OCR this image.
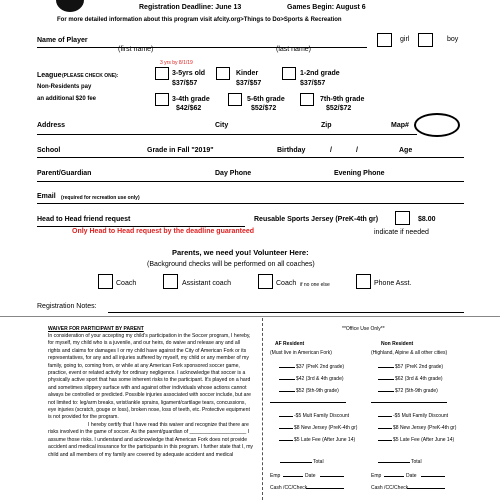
Registration Deadline: June 13	Games Begin: August 6
For more detailed information about this program visit afcity.org>Things to Do>Sports & Recreation
Name of Player
(first name)	(last name)
girl	boy
3 yrs by 8/1/19
League (PLEASE CHECK ONE):
Non-Residents pay
an additional $20 fee
3-5yrs old
$37/$57
Kinder
$37/$57
1-2nd grade
$37/$57
3-4th grade
$42/$62
5-6th grade
$52/$72
7th-9th grade
$52/$72
Address	City	Zip	Map#
School	Grade in Fall "2019"	Birthday	/	/	Age
Parent/Guardian	Day Phone	Evening Phone
Email (required for recreation use only)
Head to Head friend request	Reusable Sports Jersey (PreK-4th gr)	$8.00
Only Head to Head request by the deadline guaranteed	indicate if needed
Parents, we need you! Volunteer Here:
(Background checks will be performed on all coaches)
Coach	Assistant coach	Coach if no one else	Phone Asst.
Registration Notes:
WAIVER FOR PARTICIPANT BY PARENT
In consideration of your accepting my child's participation in the Soccer program, I hereby, for myself, my child who is a juvenile, and our heirs, do waive and release any and all rights and claims for damages I or my child have against the City of American Fork or its representatives, for any and all injuries suffered by myself, my child or any member of my family, going to, coming from, or while at any American Fork sponsored soccer game, practice, event or related activity for ordinary negligence. I acknowledge that soccer is a physically active sport that has some inherent risks to the participant. It's played on a hard and sometimes slippery surface with and against other individuals whose actions cannot always be controlled or predicted. Possible injuries associated with soccer include, but are not limited to: leg/arm breaks, wrist/ankle sprains, ligament/cartilage tears, concussions, eye injuries (scratch, gouge or loss), broken nose, loss of teeth, etc. Protective equipment is not provided for the program.
I hereby certify that I have read this waiver and recognize that there are risks involved in the game of soccer. As the parent/guardian of ____________________ I assume those risks. I understand and acknowledge that American Fork does not provide accident and medical insurance for the participants in this program. I further state that I, my child and all members of my family are covered by adequate accident and medical
**Office Use Only**
AF Resident
(Must live in American Fork)
Non Resident
(Highland, Alpine & all other cities)
$37 (PreK 2nd grade)
$42 (3rd & 4th grade)
$52 (5th-9th grade)
-$5 Mult Family Discount
$8 New Jersey (PreK-4th gr)
$5 Late Fee (After June 14)
$57 (PreK 2nd grade)
$62 (3rd & 4th grade)
$72 (5th-9th grade)
-$5 Mult Family Discount
$8 New Jersey (PreK-4th gr)
$5 Late Fee (After June 14)
Total
Emp	Date
Cash /CC/Check
Total
Emp	Date
Cash /CC/Check
